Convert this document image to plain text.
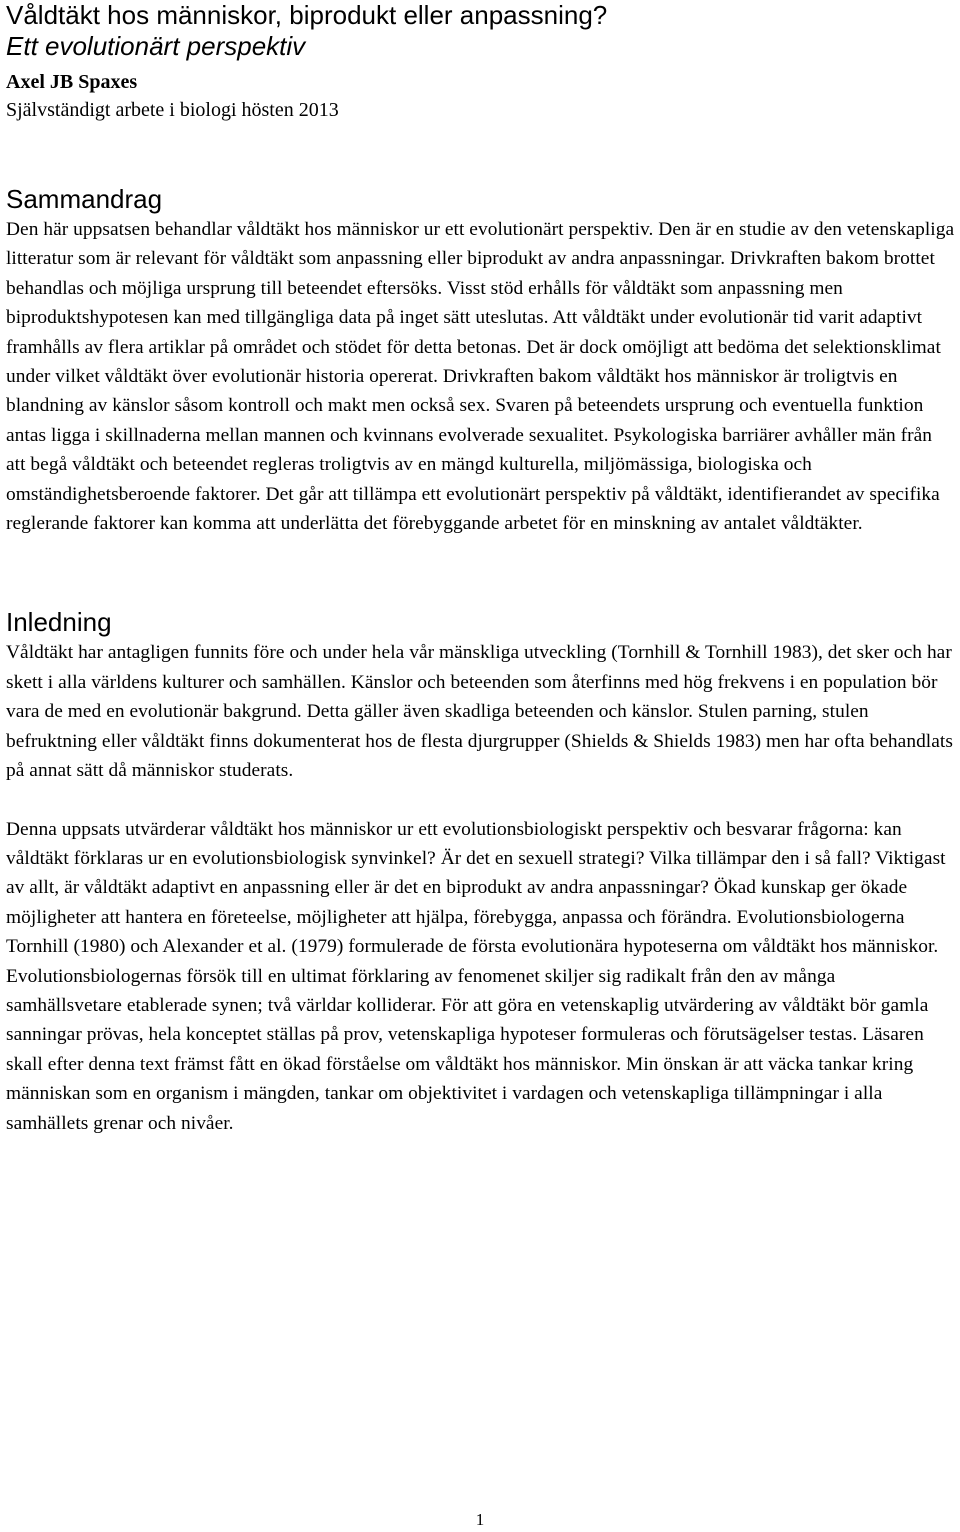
Våldtäkt hos människor, biprodukt eller anpassning?
Ett evolutionärt perspektiv

Axel JB Spaxes

Självständigt arbete i biologi hösten 2013

Sammandrag

Den här uppsatsen behandlar våldtäkt hos människor ur ett evolutionärt perspektiv. Den är en studie av den vetenskapliga litteratur som är relevant för våldtäkt som anpassning eller biprodukt av andra anpassningar. Drivkraften bakom brottet behandlas och möjliga ursprung till beteendet eftersöks. Visst stöd erhålls för våldtäkt som anpassning men biproduktshypotesen kan med tillgängliga data på inget sätt uteslutas. Att våldtäkt under evolutionär tid varit adaptivt framhålls av flera artiklar på området och stödet för detta betonas. Det är dock omöjligt att bedöma det selektionsklimat under vilket våldtäkt över evolutionär historia opererat. Drivkraften bakom våldtäkt hos människor är troligtvis en blandning av känslor såsom kontroll och makt men också sex. Svaren på beteendets ursprung och eventuella funktion antas ligga i skillnaderna mellan mannen och kvinnans evolverade sexualitet. Psykologiska barriärer avhåller män från att begå våldtäkt och beteendet regleras troligtvis av en mängd kulturella, miljömässiga, biologiska och omständighetsberoende faktorer. Det går att tillämpa ett evolutionärt perspektiv på våldtäkt, identifierandet av specifika reglerande faktorer kan komma att underlätta det förebyggande arbetet för en minskning av antalet våldtäkter.

Inledning

Våldtäkt har antagligen funnits före och under hela vår mänskliga utveckling (Tornhill & Tornhill 1983), det sker och har skett i alla världens kulturer och samhällen. Känslor och beteenden som återfinns med hög frekvens i en population bör vara de med en evolutionär bakgrund. Detta gäller även skadliga beteenden och känslor. Stulen parning, stulen befruktning eller våldtäkt finns dokumenterat hos de flesta djurgrupper (Shields & Shields 1983) men har ofta behandlats på annat sätt då människor studerats.

Denna uppsats utvärderar våldtäkt hos människor ur ett evolutionsbiologiskt perspektiv och besvarar frågorna: kan våldtäkt förklaras ur en evolutionsbiologisk synvinkel? Är det en sexuell strategi? Vilka tillämpar den i så fall? Viktigast av allt, är våldtäkt adaptivt en anpassning eller är det en biprodukt av andra anpassningar? Ökad kunskap ger ökade möjligheter att hantera en företeelse, möjligheter att hjälpa, förebygga, anpassa och förändra. Evolutionsbiologerna Tornhill (1980) och Alexander et al. (1979) formulerade de första evolutionära hypoteserna om våldtäkt hos människor. Evolutionsbiologernas försök till en ultimat förklaring av fenomenet skiljer sig radikalt från den av många samhällsvetare etablerade synen; två världar kolliderar. För att göra en vetenskaplig utvärdering av våldtäkt bör gamla sanningar prövas, hela konceptet ställas på prov, vetenskapliga hypoteser formuleras och förutsägelser testas. Läsaren skall efter denna text främst fått en ökad förståelse om våldtäkt hos människor. Min önskan är att väcka tankar kring människan som en organism i mängden, tankar om objektivitet i vardagen och vetenskapliga tillämpningar i alla samhällets grenar och nivåer.

1
